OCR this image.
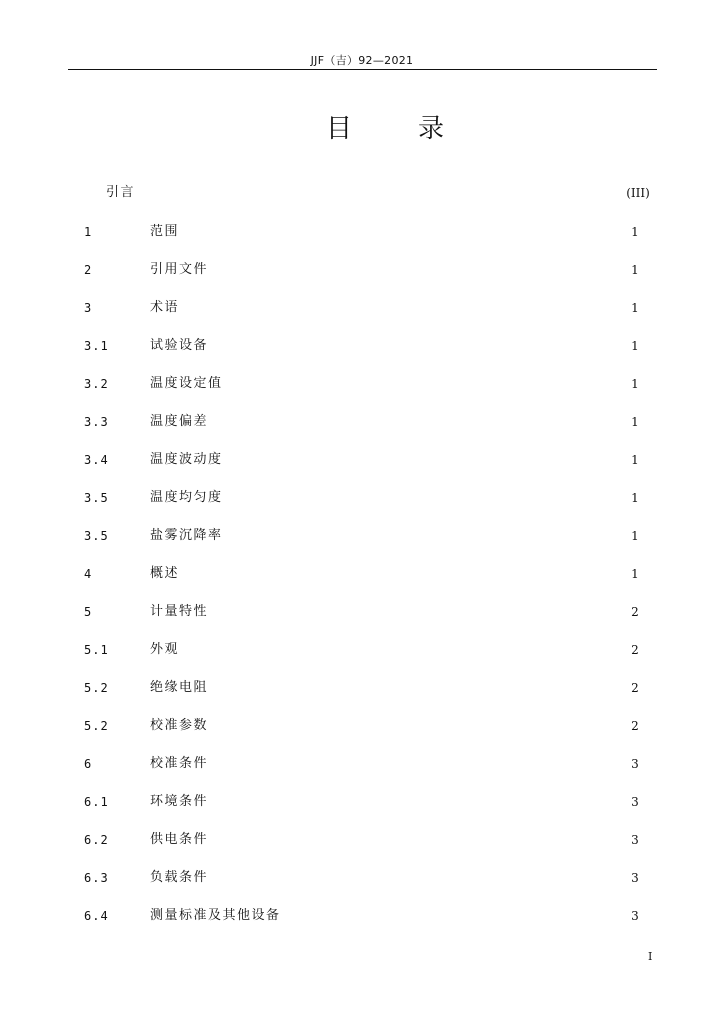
JJF（吉）92—2021
目	录
引言	(III)
1	范围	1
2	引用文件	1
3	术语	1
3.1	试验设备	1
3.2	温度设定值	1
3.3	温度偏差	1
3.4	温度波动度	1
3.5	温度均匀度	1
3.5	盐雾沉降率	1
4	概述	1
5	计量特性	2
5.1	外观	2
5.2	绝缘电阻	2
5.2	校准参数	2
6	校准条件	3
6.1	环境条件	3
6.2	供电条件	3
6.3	负载条件	3
6.4	测量标准及其他设备	3
I
